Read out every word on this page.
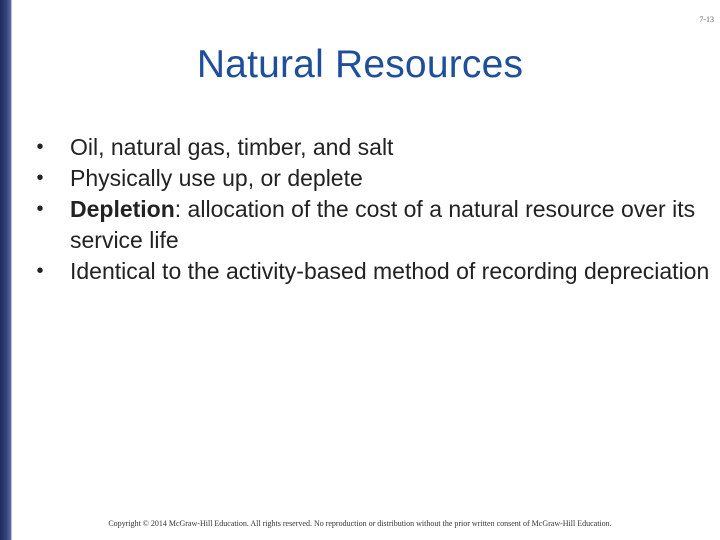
7-13
Natural Resources
• Oil, natural gas, timber, and salt
• Physically use up, or deplete
• Depletion: allocation of the cost of a natural resource over its service life
• Identical to the activity-based method of recording depreciation
Copyright © 2014 McGraw-Hill Education. All rights reserved. No reproduction or distribution without the prior written consent of McGraw-Hill Education.
